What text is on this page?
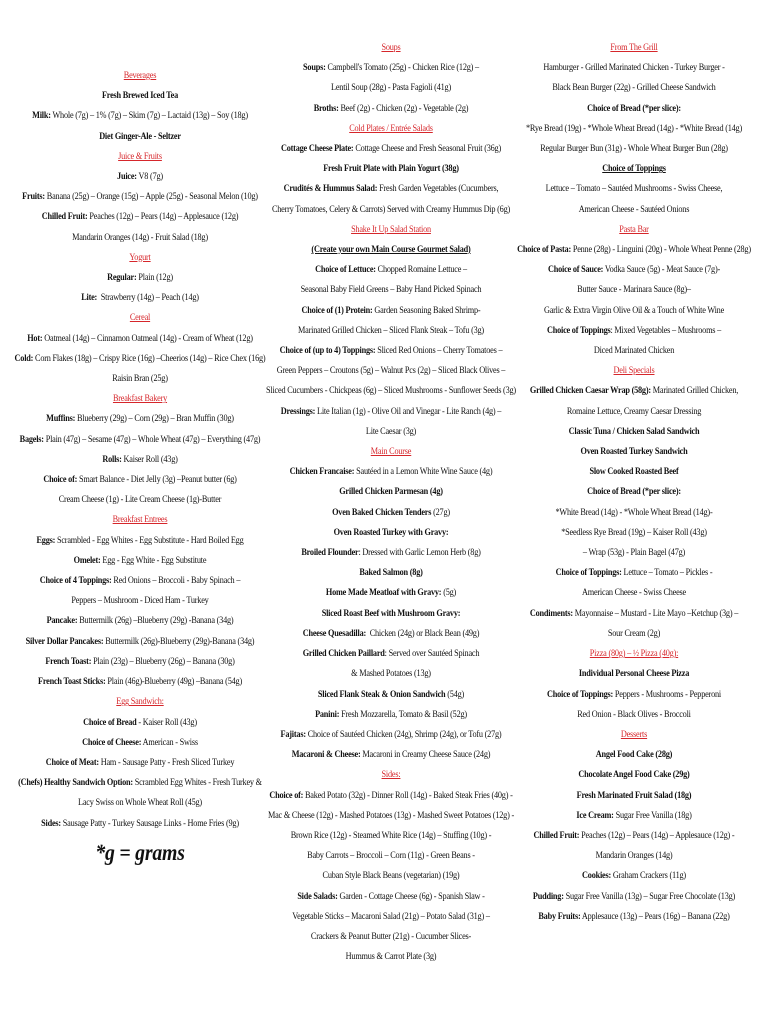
Beverages
Fresh Brewed Iced Tea
Milk: Whole (7g) – 1% (7g) – Skim (7g) – Lactaid (13g) – Soy (18g)
Diet Ginger-Ale - Seltzer
Juice & Fruits
Juice: V8 (7g)
Fruits: Banana (25g) – Orange (15g) – Apple (25g) - Seasonal Melon (10g)
Chilled Fruit: Peaches (12g) – Pears (14g) – Applesauce (12g)
Mandarin Oranges (14g) - Fruit Salad (18g)
Yogurt
Regular: Plain (12g)
Lite:  Strawberry (14g) – Peach (14g)
Cereal
Hot: Oatmeal (14g) – Cinnamon Oatmeal (14g) - Cream of Wheat (12g)
Cold: Corn Flakes (18g) – Crispy Rice (16g) –Cheerios (14g) – Rice Chex (16g)
Raisin Bran (25g)
Breakfast Bakery
Muffins: Blueberry (29g) – Corn (29g) – Bran Muffin (30g)
Bagels: Plain (47g) – Sesame (47g) – Whole Wheat (47g) – Everything (47g)
Rolls: Kaiser Roll (43g)
Choice of: Smart Balance - Diet Jelly (3g) –Peanut butter (6g)
Cream Cheese (1g) - Lite Cream Cheese (1g)-Butter
Breakfast Entrees
Eggs: Scrambled - Egg Whites - Egg Substitute - Hard Boiled Egg
Omelet: Egg - Egg White - Egg Substitute
Choice of 4 Toppings: Red Onions – Broccoli - Baby Spinach –
Peppers – Mushroom - Diced Ham - Turkey
Pancake: Buttermilk (26g) –Blueberry (29g) -Banana (34g)
Silver Dollar Pancakes: Buttermilk (26g)-Blueberry (29g)-Banana (34g)
French Toast: Plain (23g) – Blueberry (26g) – Banana (30g)
French Toast Sticks: Plain (46g)-Blueberry (49g) –Banana (54g)
Egg Sandwich:
Choice of Bread - Kaiser Roll (43g)
Choice of Cheese: American - Swiss
Choice of Meat: Ham - Sausage Patty - Fresh Sliced Turkey
(Chefs) Healthy Sandwich Option: Scrambled Egg Whites - Fresh Turkey &
Lacy Swiss on Whole Wheat Roll (45g)
Sides: Sausage Patty - Turkey Sausage Links - Home Fries (9g)
*g = grams
Soups
Soups: Campbell's Tomato (25g) - Chicken Rice (12g) –
Lentil Soup (28g) - Pasta Fagioli (41g)
Broths: Beef (2g) - Chicken (2g) - Vegetable (2g)
Cold Plates / Entrée Salads
Cottage Cheese Plate: Cottage Cheese and Fresh Seasonal Fruit (36g)
Fresh Fruit Plate with Plain Yogurt (38g)
Crudités & Hummus Salad: Fresh Garden Vegetables (Cucumbers,
Cherry Tomatoes, Celery & Carrots) Served with Creamy Hummus Dip (6g)
Shake It Up Salad Station
(Create your own Main Course Gourmet Salad)
Choice of Lettuce: Chopped Romaine Lettuce –
Seasonal Baby Field Greens – Baby Hand Picked Spinach
Choice of (1) Protein: Garden Seasoning Baked Shrimp-
Marinated Grilled Chicken – Sliced Flank Steak – Tofu (3g)
Choice of (up to 4) Toppings: Sliced Red Onions – Cherry Tomatoes –
Green Peppers – Croutons (5g) – Walnut Pcs (2g) – Sliced Black Olives –
Sliced Cucumbers - Chickpeas (6g) – Sliced Mushrooms - Sunflower Seeds (3g)
Dressings: Lite Italian (1g) - Olive Oil and Vinegar - Lite Ranch (4g) –
Lite Caesar (3g)
Main Course
Chicken Francaise: Sautéed in a Lemon White Wine Sauce (4g)
Grilled Chicken Parmesan (4g)
Oven Baked Chicken Tenders (27g)
Oven Roasted Turkey with Gravy:
Broiled Flounder: Dressed with Garlic Lemon Herb (8g)
Baked Salmon (8g)
Home Made Meatloaf with Gravy: (5g)
Sliced Roast Beef with Mushroom Gravy:
Cheese Quesadilla:  Chicken (24g) or Black Bean (49g)
Grilled Chicken Paillard: Served over Sautéed Spinach
& Mashed Potatoes (13g)
Sliced Flank Steak & Onion Sandwich (54g)
Panini: Fresh Mozzarella, Tomato & Basil (52g)
Fajitas: Choice of Sautéed Chicken (24g), Shrimp (24g), or Tofu (27g)
Macaroni & Cheese: Macaroni in Creamy Cheese Sauce (24g)
Sides:
Choice of: Baked Potato (32g) - Dinner Roll (14g) - Baked Steak Fries (40g) -
Mac & Cheese (12g) - Mashed Potatoes (13g) - Mashed Sweet Potatoes (12g) -
Brown Rice (12g) - Steamed White Rice (14g) – Stuffing (10g) -
Baby Carrots – Broccoli – Corn (11g) - Green Beans -
Cuban Style Black Beans (vegetarian) (19g)
Side Salads: Garden - Cottage Cheese (6g) - Spanish Slaw -
Vegetable Sticks – Macaroni Salad (21g) – Potato Salad (31g) –
Crackers & Peanut Butter (21g) - Cucumber Slices-
Hummus & Carrot Plate (3g)
From The Grill
Hamburger - Grilled Marinated Chicken - Turkey Burger -
Black Bean Burger (22g) - Grilled Cheese Sandwich
Choice of Bread (*per slice):
*Rye Bread (19g) - *Whole Wheat Bread (14g) - *White Bread (14g)
Regular Burger Bun (31g) - Whole Wheat Burger Bun (28g)
Choice of Toppings
Lettuce – Tomato – Sautéed Mushrooms - Swiss Cheese,
American Cheese - Sautéed Onions
Pasta Bar
Choice of Pasta: Penne (28g) - Linguini (20g) - Whole Wheat Penne (28g)
Choice of Sauce: Vodka Sauce (5g) - Meat Sauce (7g)-
Butter Sauce - Marinara Sauce (8g)–
Garlic & Extra Virgin Olive Oil & a Touch of White Wine
Choice of Toppings: Mixed Vegetables – Mushrooms –
Diced Marinated Chicken
Deli Specials
Grilled Chicken Caesar Wrap (58g): Marinated Grilled Chicken,
Romaine Lettuce, Creamy Caesar Dressing
Classic Tuna / Chicken Salad Sandwich
Oven Roasted Turkey Sandwich
Slow Cooked Roasted Beef
Choice of Bread (*per slice):
*White Bread (14g) - *Whole Wheat Bread (14g)-
*Seedless Rye Bread (19g) – Kaiser Roll (43g)
– Wrap (53g) - Plain Bagel (47g)
Choice of Toppings: Lettuce – Tomato – Pickles -
American Cheese - Swiss Cheese
Condiments: Mayonnaise – Mustard - Lite Mayo –Ketchup (3g) –
Sour Cream (2g)
Pizza (80g) – ½ Pizza (40g):
Individual Personal Cheese Pizza
Choice of Toppings: Peppers - Mushrooms - Pepperoni
Red Onion - Black Olives - Broccoli
Desserts
Angel Food Cake (28g)
Chocolate Angel Food Cake (29g)
Fresh Marinated Fruit Salad (18g)
Ice Cream: Sugar Free Vanilla (18g)
Chilled Fruit: Peaches (12g) – Pears (14g) – Applesauce (12g) -
Mandarin Oranges (14g)
Cookies: Graham Crackers (11g)
Pudding: Sugar Free Vanilla (13g) – Sugar Free Chocolate (13g)
Baby Fruits: Applesauce (13g) – Pears (16g) – Banana (22g)
